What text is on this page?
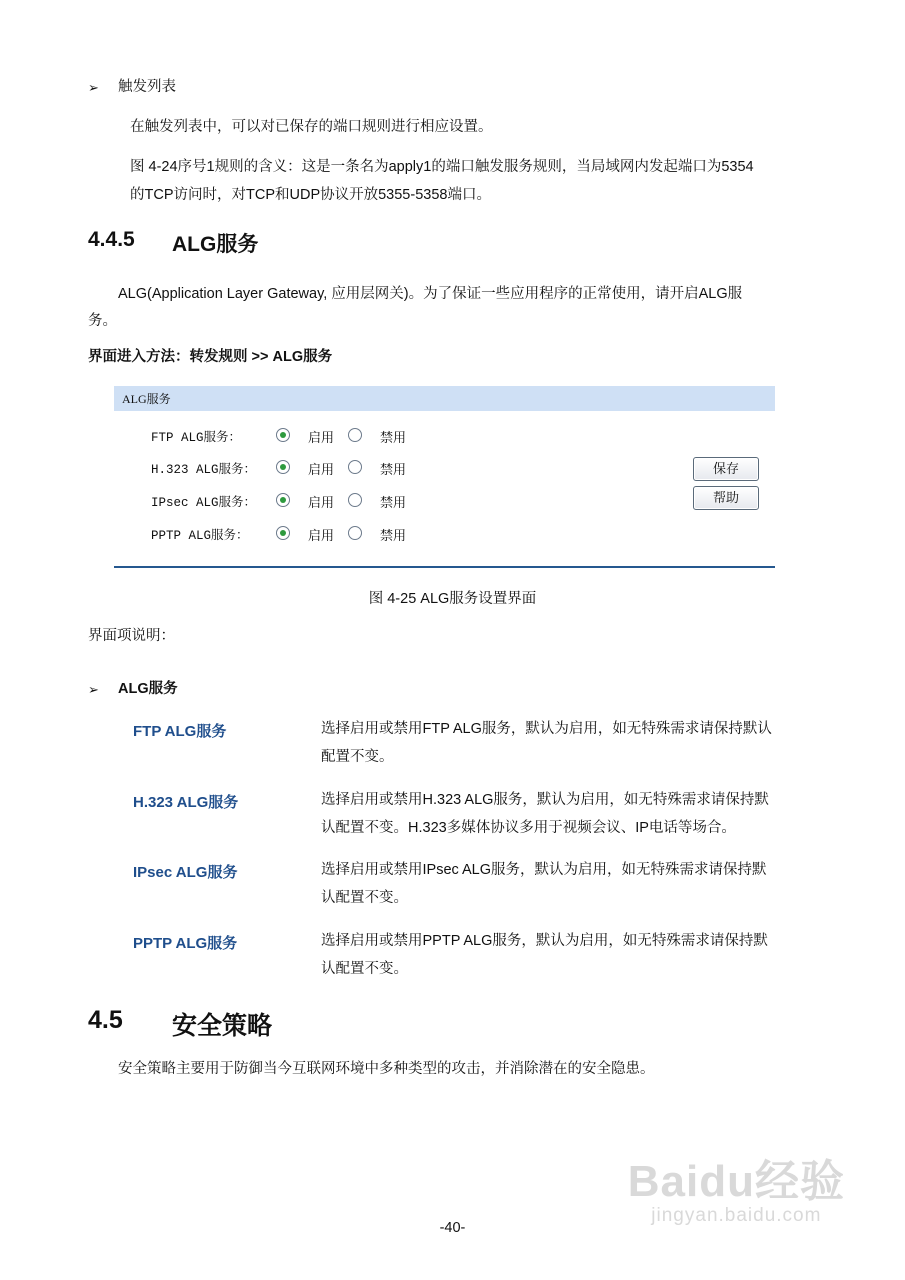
➢ 触发列表
在触发列表中，可以对已保存的端口规则进行相应设置。
图 4-24序号1规则的含义：这是一条名为apply1的端口触发服务规则，当局域网内发起端口为5354
的TCP访问时，对TCP和UDP协议开放5355-5358端口。
4.4.5 ALG服务
ALG(Application Layer Gateway, 应用层网关)。为了保证一些应用程序的正常使用，请开启ALG服
务。
界面进入方法：转发规则 >> ALG服务
ALG服务
FTP ALG服务：	启用	禁用
H.323 ALG服务：	启用	禁用
IPsec ALG服务：	启用	禁用
PPTP ALG服务：	启用	禁用
保存
帮助
图 4-25 ALG服务设置界面
界面项说明：
➢ ALG服务
FTP ALG服务	选择启用或禁用FTP ALG服务，默认为启用，如无特殊需求请保持默认
配置不变。
H.323 ALG服务	选择启用或禁用H.323 ALG服务，默认为启用，如无特殊需求请保持默
认配置不变。H.323多媒体协议多用于视频会议、IP电话等场合。
IPsec ALG服务	选择启用或禁用IPsec ALG服务，默认为启用，如无特殊需求请保持默
认配置不变。
PPTP ALG服务	选择启用或禁用PPTP ALG服务，默认为启用，如无特殊需求请保持默
认配置不变。
4.5 安全策略
安全策略主要用于防御当今互联网环境中多种类型的攻击，并消除潜在的安全隐患。
Baidu经验
jingyan.baidu.com
-40-
